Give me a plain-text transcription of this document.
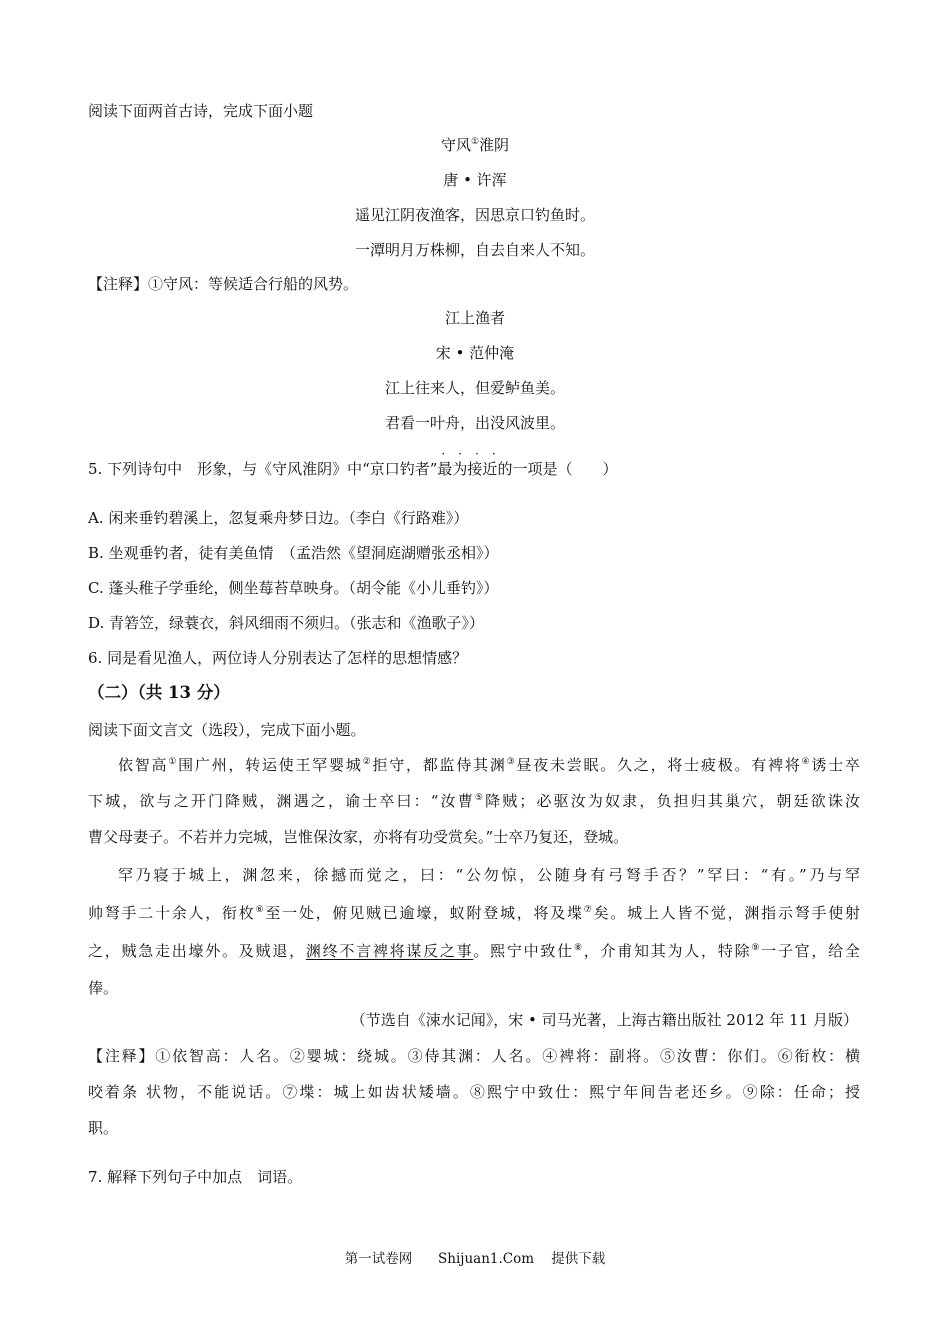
阅读下面两首古诗，完成下面小题
守风①淮阴
唐 • 许浑
遥见江阴夜渔客，因思京口钓鱼时。
一潭明月万株柳，自去自来人不知。
【注释】①守风：等候适合行船的风势。
江上渔者
宋 • 范仲淹
江上往来人，但爱鲈鱼美。
君看一叶舟，出没风波里。
5. 下列诗句中　形象，与《守风淮阴》中“京口钓者”
····
最为接近的一项是（　　）
A. 闲来垂钓碧溪上，忽复乘舟梦日边。（李白《行路难》）
B. 坐观垂钓者，徒有美鱼情　（孟浩然《望洞庭湖赠张丞相》）
C. 蓬头稚子学垂纶，侧坐莓苔草映身。（胡令能《小儿垂钓》）
D. 青箬笠，绿蓑衣，斜风细雨不须归。（张志和《渔歌子》）
6. 同是看见渔人，两位诗人分别表达了怎样的思想情感？
（二）（共 13 分）
阅读下面文言文（选段），完成下面小题。
依智高①围广州，转运使王罕婴城②拒守，都监侍其渊③昼夜未尝眠。久之，将士疲极。有裨将④诱士卒
下城，欲与之开门降贼，渊遇之，谕士卒曰：“汝曹⑤降贼；必驱汝为奴隶，负担归其巢穴，朝廷欲诛汝
曹父母妻子。不若并力完城，岂惟保汝家，亦将有功受赏矣。”士卒乃复还，登城。
罕乃寝于城上，渊忽来，徐撼而觉之，曰：“公勿惊，公随身有弓弩手否？”罕曰：“有。”乃与罕
帅弩手二十余人，衔枚⑥至一处，俯见贼已逾壕，蚁附登城，将及堞⑦矣。城上人皆不觉，渊指示弩手使射
之，贼急走出壕外。及贼退，渊终不言裨将谋反之事。熙宁中致仕⑧，介甫知其为人，特除⑨一子官，给全
俸。
（节选自《涑水记闻》，宋 • 司马光著，上海古籍出版社 2012 年 11 月版）
【注释】①依智高：人名。②婴城：绕城。③侍其渊：人名。④裨将：副将。⑤汝曹：你们。⑥衔枚：横
咬着条 状物，不能说话。⑦堞：城上如齿状矮墙。⑧熙宁中致仕：熙宁年间告老还乡。⑨除：任命；授
职。
7. 解释下列句子中加点　词语。
第一试卷网      Shijuan1.Com    提供下载
